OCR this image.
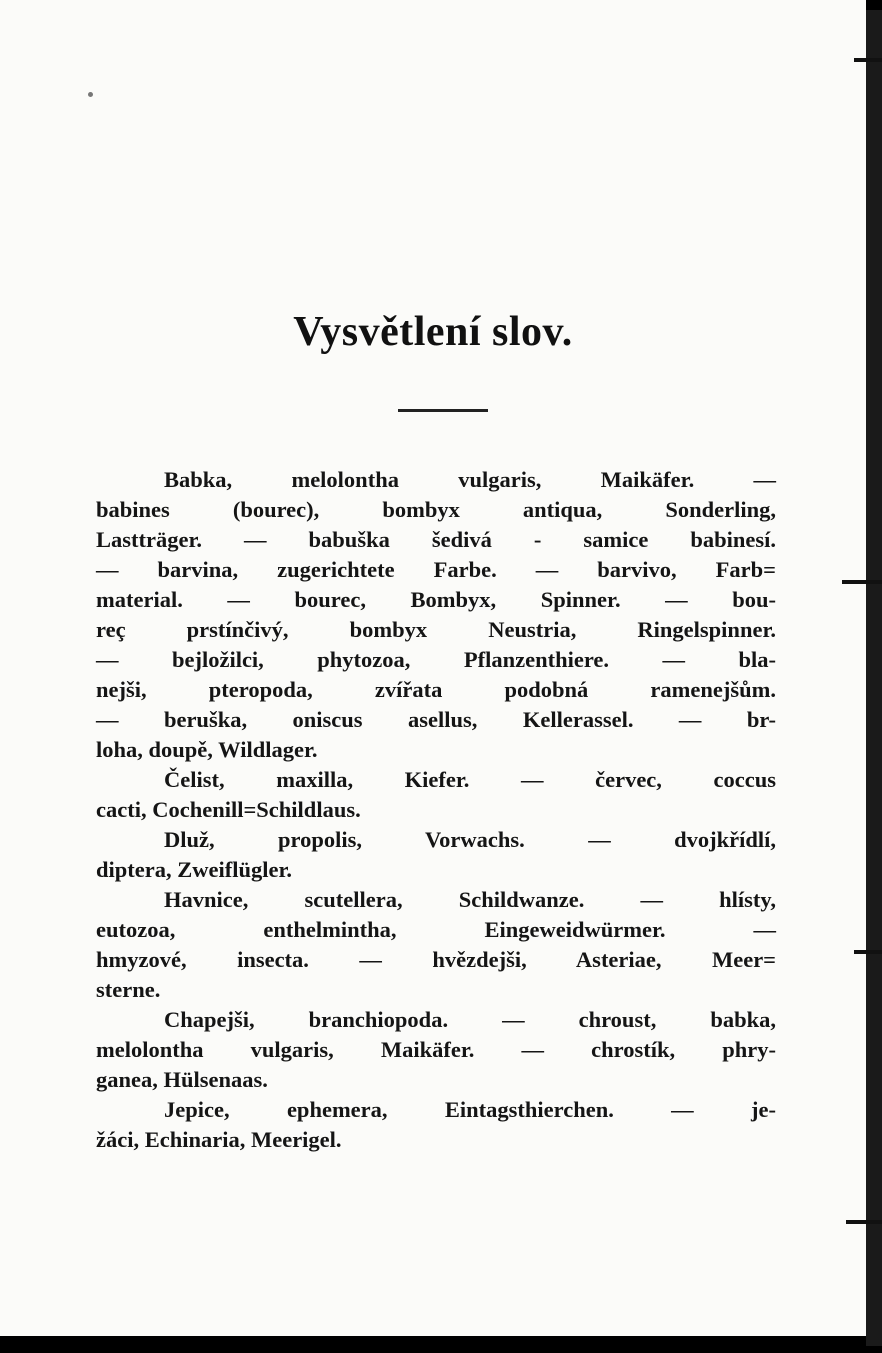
Vysvětlení slov.
Babka, melolontha vulgaris, Maikäfer. —
babines (bourec), bombyx antiqua, Sonderling,
Lastträger. — babuška šedivá - samice babinesí.
— barvina, zugerichtete Farbe. — barvivo, Farb=
material. — bourec, Bombyx, Spinner. — bou-
reç prstínčivý, bombyx Neustria, Ringelspinner.
— bejložilci, phytozoa, Pflanzenthiere. — bla-
nejši, pteropoda, zvířata podobná ramenejšům.
— beruška, oniscus asellus, Kellerassel. — br-
loha, doupě, Wildlager.
Čelist, maxilla, Kiefer. — červec, coccus
cacti, Cochenill=Schildlaus.
Dluž, propolis, Vorwachs. — dvojkřídlí,
diptera, Zweiflügler.
Havnice, scutellera, Schildwanze. — hlísty,
eutozoa, enthelmintha, Eingeweidwürmer. —
hmyzové, insecta. — hvězdejši, Asteriae, Meer=
sterne.
Chapejši, branchiopoda. — chroust, babka,
melolontha vulgaris, Maikäfer. — chrostík, phry-
ganea, Hülsenaas.
Jepice, ephemera, Eintagsthierchen. — je-
žáci, Echinaria, Meerigel.
